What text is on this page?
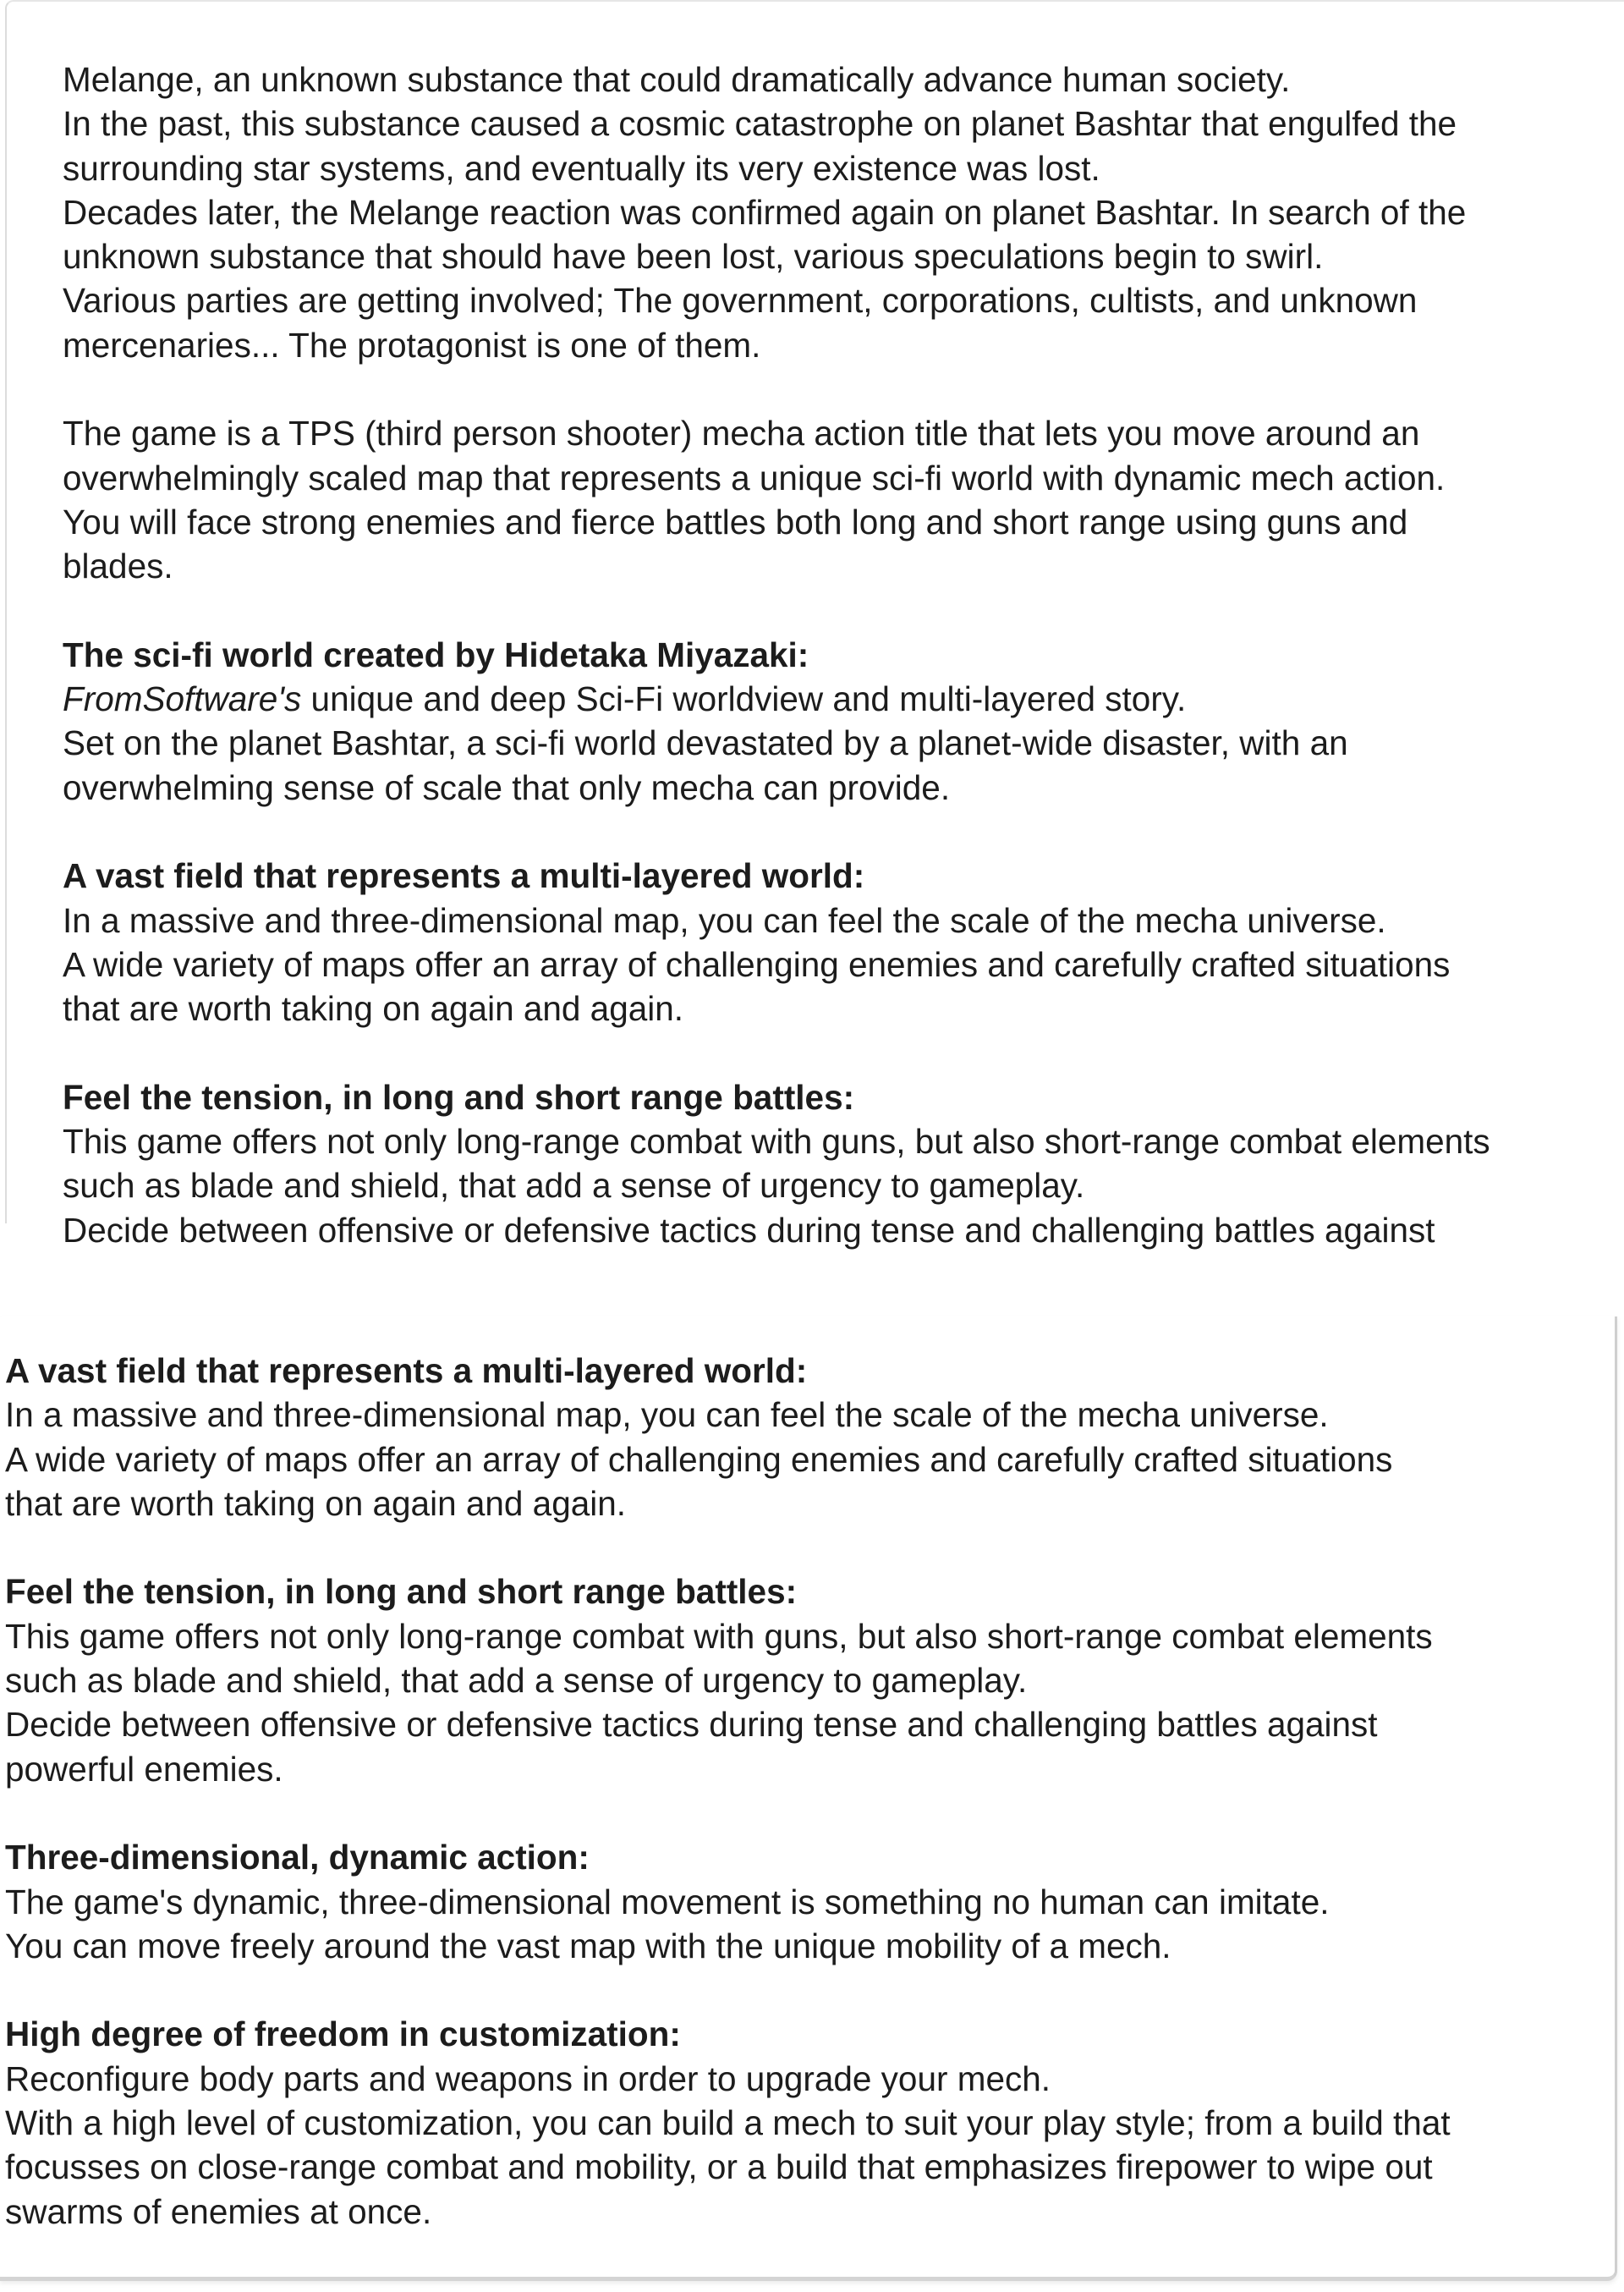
Melange, an unknown substance that could dramatically advance human society.
In the past, this substance caused a cosmic catastrophe on planet Bashtar that engulfed the
surrounding star systems, and eventually its very existence was lost.
Decades later, the Melange reaction was confirmed again on planet Bashtar. In search of the
unknown substance that should have been lost, various speculations begin to swirl.
Various parties are getting involved; The government, corporations, cultists, and unknown
mercenaries... The protagonist is one of them.
The game is a TPS (third person shooter) mecha action title that lets you move around an
overwhelmingly scaled map that represents a unique sci-fi world with dynamic mech action.
You will face strong enemies and fierce battles both long and short range using guns and
blades.
The sci-fi world created by Hidetaka Miyazaki:
FromSoftware's unique and deep Sci-Fi worldview and multi-layered story.
Set on the planet Bashtar, a sci-fi world devastated by a planet-wide disaster, with an
overwhelming sense of scale that only mecha can provide.
A vast field that represents a multi-layered world:
In a massive and three-dimensional map, you can feel the scale of the mecha universe.
A wide variety of maps offer an array of challenging enemies and carefully crafted situations
that are worth taking on again and again.
Feel the tension, in long and short range battles:
This game offers not only long-range combat with guns, but also short-range combat elements
such as blade and shield, that add a sense of urgency to gameplay.
Decide between offensive or defensive tactics during tense and challenging battles against
A vast field that represents a multi-layered world:
In a massive and three-dimensional map, you can feel the scale of the mecha universe.
A wide variety of maps offer an array of challenging enemies and carefully crafted situations
that are worth taking on again and again.
Feel the tension, in long and short range battles:
This game offers not only long-range combat with guns, but also short-range combat elements
such as blade and shield, that add a sense of urgency to gameplay.
Decide between offensive or defensive tactics during tense and challenging battles against
powerful enemies.
Three-dimensional, dynamic action:
The game's dynamic, three-dimensional movement is something no human can imitate.
You can move freely around the vast map with the unique mobility of a mech.
High degree of freedom in customization:
Reconfigure body parts and weapons in order to upgrade your mech.
With a high level of customization, you can build a mech to suit your play style; from a build that
focusses on close-range combat and mobility, or a build that emphasizes firepower to wipe out
swarms of enemies at once.
